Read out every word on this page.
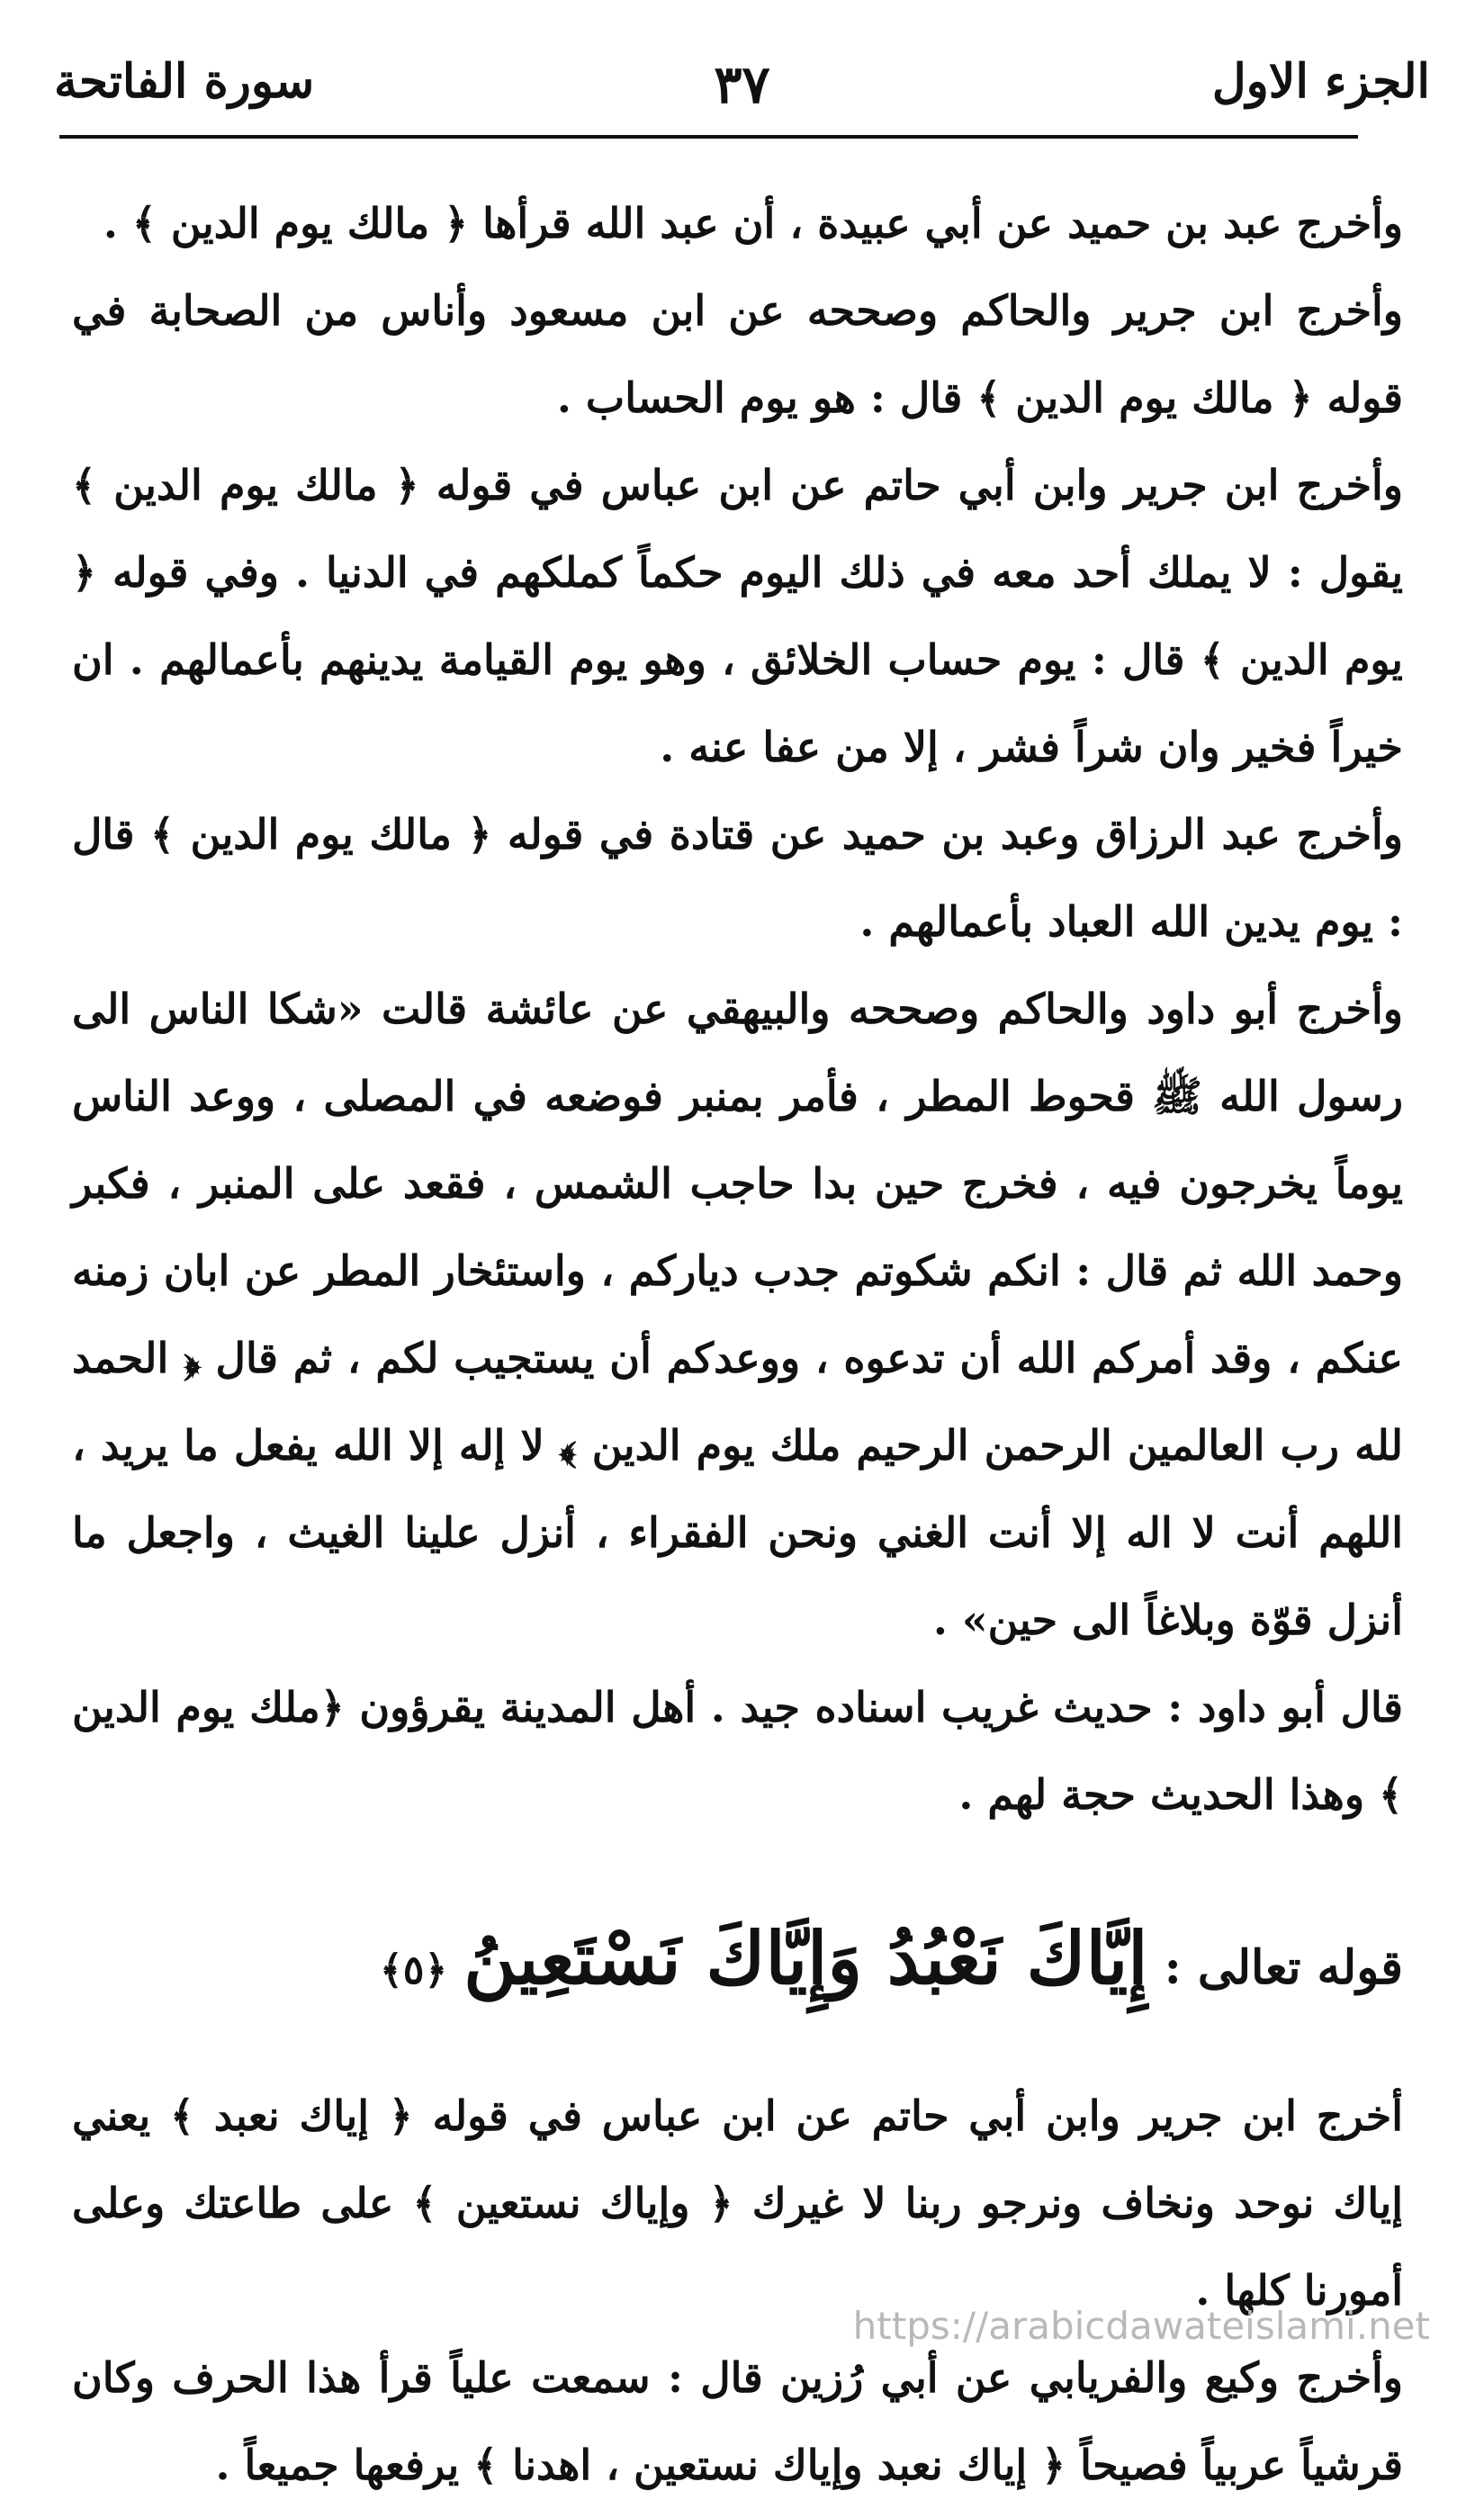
الجزء الاول
٣٧
سورة الفاتحة

وأخرج عبد بن حميد عن أبي عبيدة ، أن عبد الله قرأها ﴿ مالك يوم الدين ﴾ .

وأخرج ابن جرير والحاكم وصححه عن ابن مسعود وأناس من الصحابة في قوله ﴿ مالك يوم الدين ﴾ قال : هو يوم الحساب .

وأخرج ابن جرير وابن أبي حاتم عن ابن عباس في قوله ﴿ مالك يوم الدين ﴾ يقول : لا يملك أحد معه في ذلك اليوم حكماً كملكهم في الدنيا . وفي قوله ﴿ يوم الدين ﴾ قال : يوم حساب الخلائق ، وهو يوم القيامة يدينهم بأعمالهم . ان خيراً فخير وان شراً فشر ، إلا من عفا عنه .

وأخرج عبد الرزاق وعبد بن حميد عن قتادة في قوله ﴿ مالك يوم الدين ﴾ قال : يوم يدين الله العباد بأعمالهم .

وأخرج أبو داود والحاكم وصححه والبيهقي عن عائشة قالت «شكا الناس الى رسول الله ﷺ قحوط المطر ، فأمر بمنبر فوضعه في المصلى ، ووعد الناس يوماً يخرجون فيه ، فخرج حين بدا حاجب الشمس ، فقعد على المنبر ، فكبر وحمد الله ثم قال : انكم شكوتم جدب دياركم ، واستئخار المطر عن ابان زمنه عنكم ، وقد أمركم الله أن تدعوه ، ووعدكم أن يستجيب لكم ، ثم قال ﴿ الحمد لله رب العالمين الرحمن الرحيم ملك يوم الدين ﴾ لا إله إلا الله يفعل ما يريد ، اللهم أنت لا اله إلا أنت الغني ونحن الفقراء ، أنزل علينا الغيث ، واجعل ما أنزل قوّة وبلاغاً الى حين» .

قال أبو داود : حديث غريب اسناده جيد . أهل المدينة يقرؤون ﴿ملك يوم الدين ﴾ وهذا الحديث حجة لهم .

قوله تعالى : إِيَّاكَ نَعْبُدُ وَإِيَّاكَ نَسْتَعِينُ ﴿٥﴾

أخرج ابن جرير وابن أبي حاتم عن ابن عباس في قوله ﴿ إياك نعبد ﴾ يعني إياك نوحد ونخاف ونرجو ربنا لا غيرك ﴿ وإياك نستعين ﴾ على طاعتك وعلى أمورنا كلها .

وأخرج وكيع والفريابي عن أبي رُزين قال : سمعت علياً قرأ هذا الحرف وكان قرشياً عربياً فصيحاً ﴿ إياك نعبد وإياك نستعين ، اهدنا ﴾ يرفعها جميعاً .

https://arabicdawateislami.net
